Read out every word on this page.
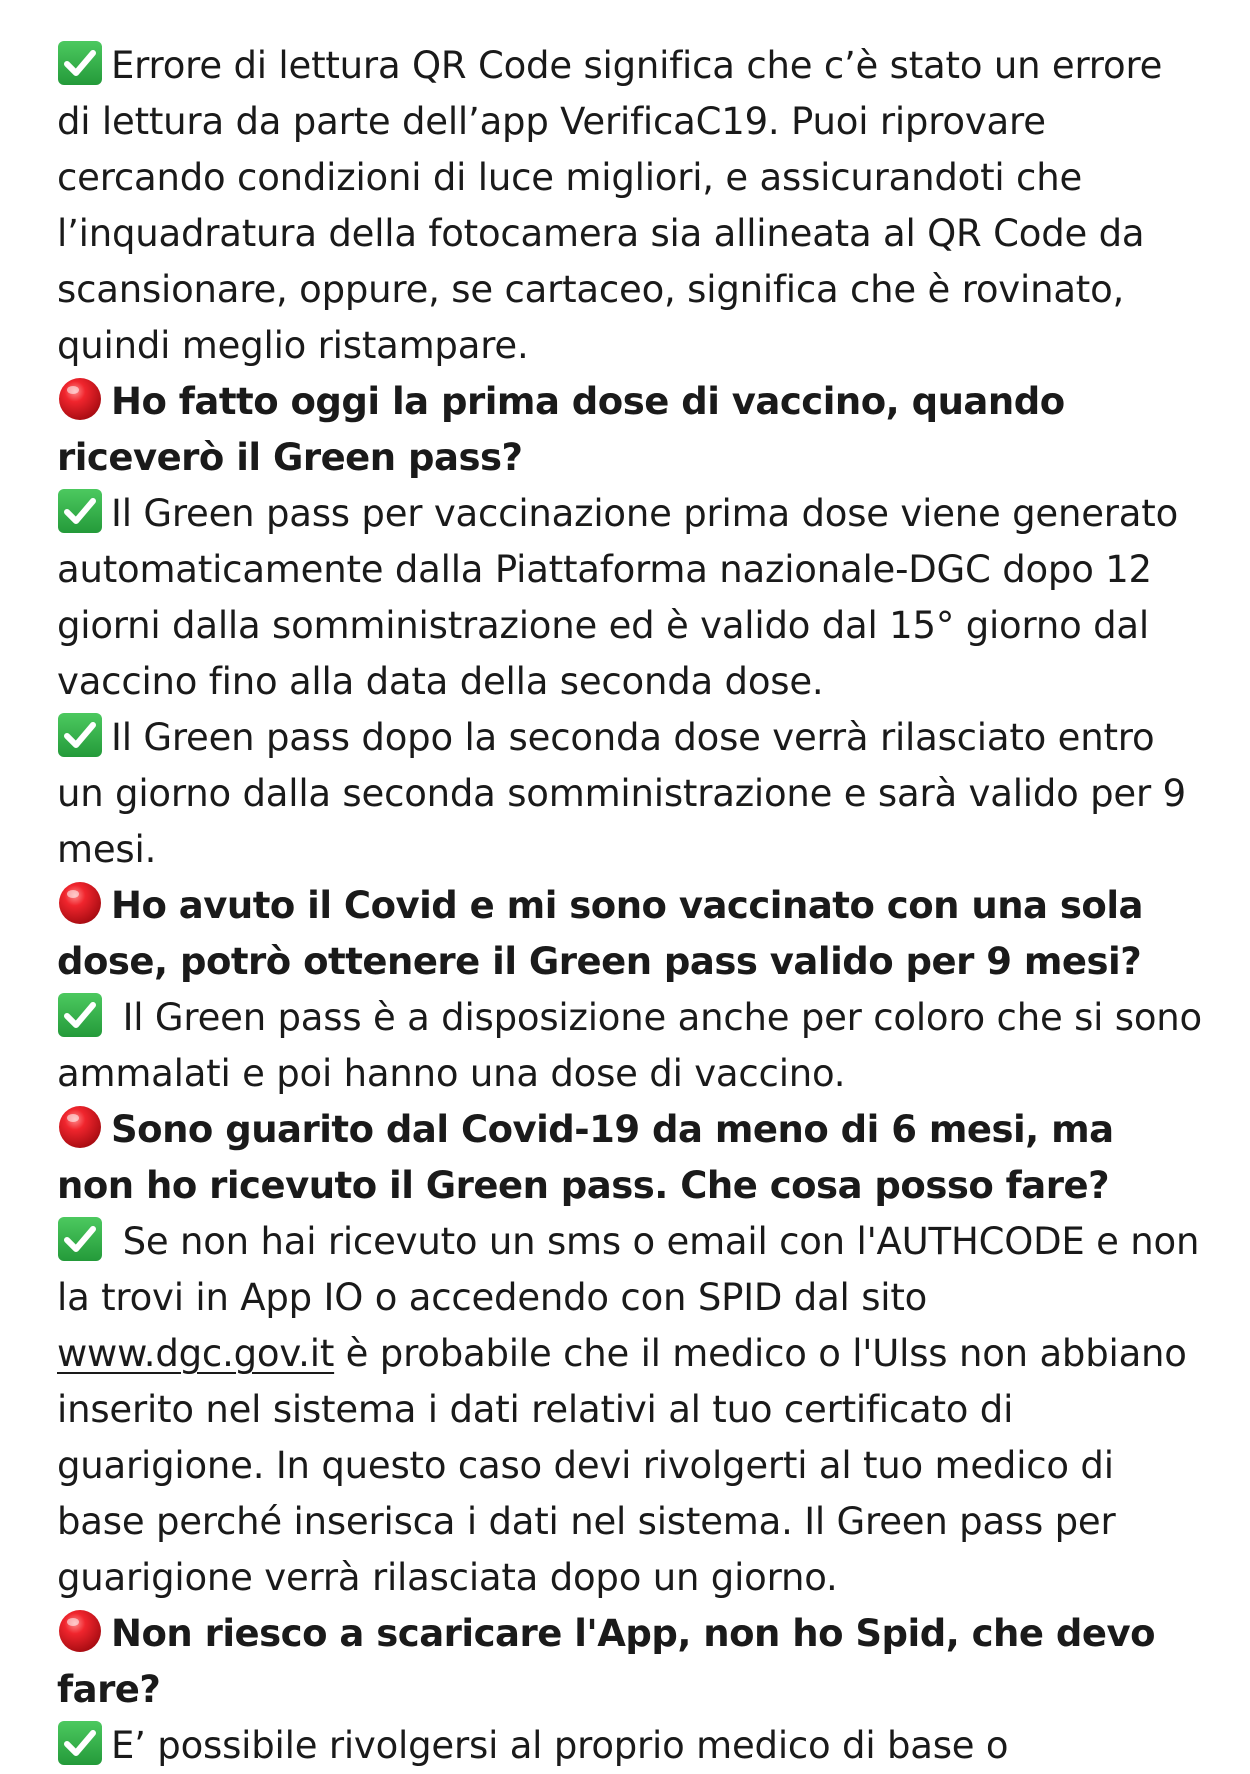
Errore di lettura QR Code significa che c’è stato un errore di lettura da parte dell’app VerificaC19. Puoi riprovare cercando condizioni di luce migliori, e assicurandoti che l’inquadratura della fotocamera sia allineata al QR Code da scansionare, oppure, se cartaceo, significa che è rovinato, quindi meglio ristampare.

Ho fatto oggi la prima dose di vaccino, quando riceverò il Green pass?

Il Green pass per vaccinazione prima dose viene generato automaticamente dalla Piattaforma nazionale-DGC dopo 12 giorni dalla somministrazione ed è valido dal 15° giorno dal vaccino fino alla data della seconda dose.

Il Green pass dopo la seconda dose verrà rilasciato entro un giorno dalla seconda somministrazione e sarà valido per 9 mesi.

Ho avuto il Covid e mi sono vaccinato con una sola dose, potrò ottenere il Green pass valido per 9 mesi?

Il Green pass è a disposizione anche per coloro che si sono ammalati e poi hanno una dose di vaccino.

Sono guarito dal Covid-19 da meno di 6 mesi, ma non ho ricevuto il Green pass. Che cosa posso fare?

Se non hai ricevuto un sms o email con l'AUTHCODE e non la trovi in App IO o accedendo con SPID dal sito www.dgc.gov.it è probabile che il medico o l'Ulss non abbiano inserito nel sistema i dati relativi al tuo certificato di guarigione. In questo caso devi rivolgerti al tuo medico di base perché inserisca i dati nel sistema. Il Green pass per guarigione verrà rilasciata dopo un giorno.

Non riesco a scaricare l'App, non ho Spid, che devo fare?

E’ possibile rivolgersi al proprio medico di base o
